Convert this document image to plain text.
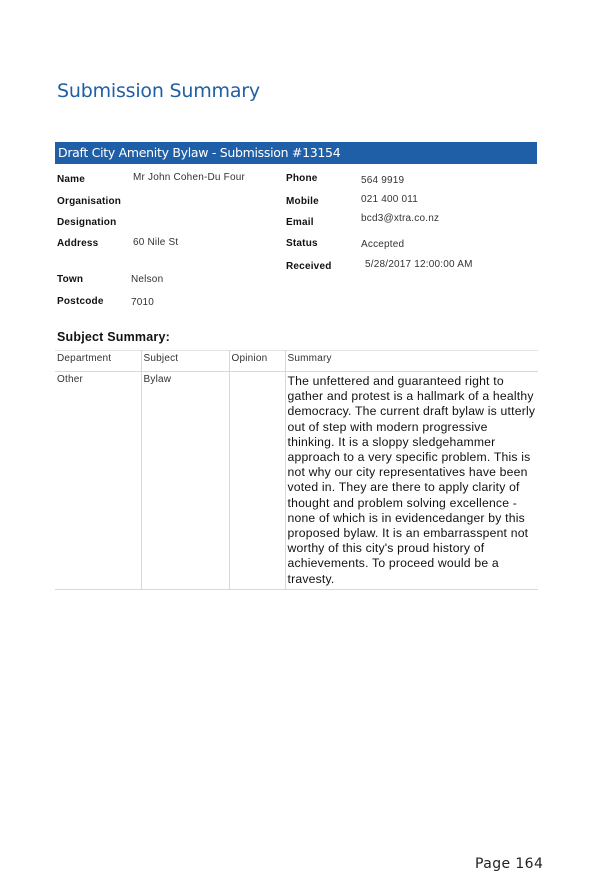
Submission Summary
Draft City Amenity Bylaw - Submission #13154
Name	Mr John Cohen-Du Four
Organisation
Designation
Address	60 Nile St
Town	Nelson
Postcode	7010
Phone	564 9919
Mobile	021 400 011
Email	bcd3@xtra.co.nz
Status	Accepted
Received	5/28/2017 12:00:00 AM
Subject Summary:
Department	Subject	Opinion	Summary
Other	Bylaw		The unfettered and guaranteed right to gather and protest is a hallmark of a healthy democracy. The current draft bylaw is utterly out of step with modern progressive thinking. It is a sloppy sledgehammer approach to a very specific problem. This is not why our city representatives have been voted in. They are there to apply clarity of thought and problem solving excellence - none of which is in evidencedanger by this proposed bylaw. It is an embarrasspent not worthy of this city's proud history of achievements. To proceed would be a travesty.
Page 164
